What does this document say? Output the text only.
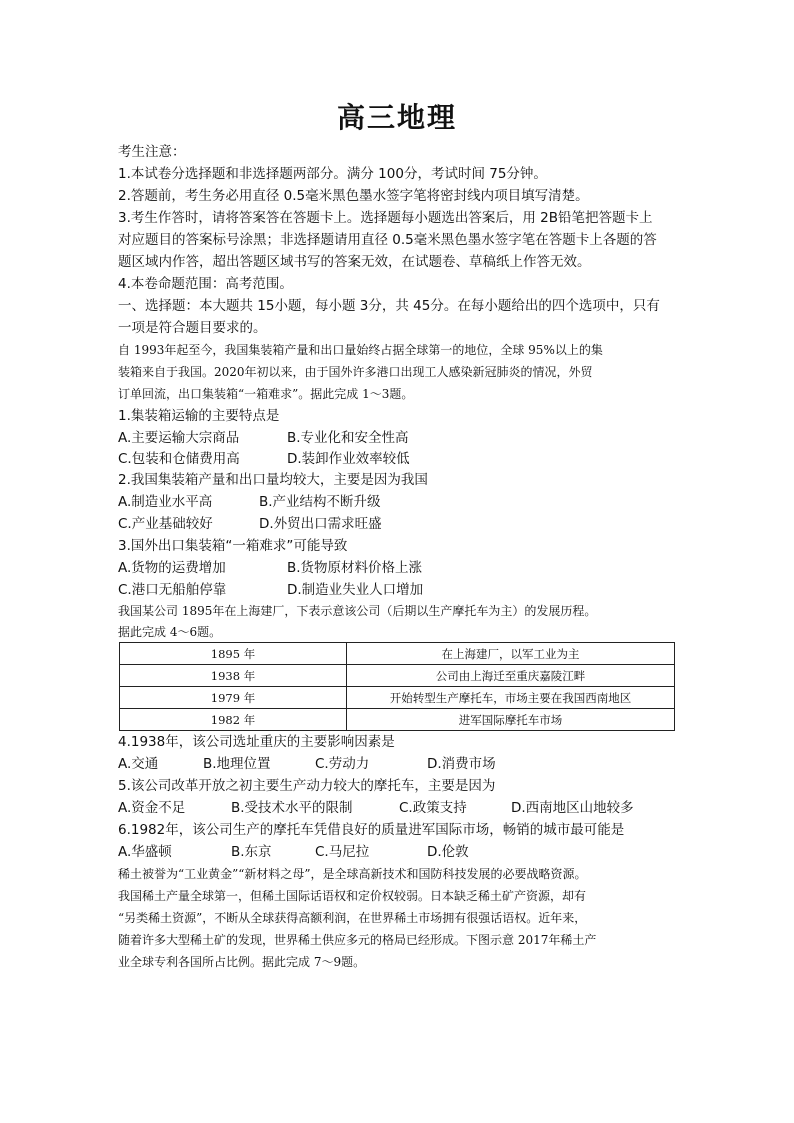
高三地理
考生注意：
1.本试卷分选择题和非选择题两部分。满分 100分，考试时间 75分钟。
2.答题前，考生务必用直径 0.5毫米黑色墨水签字笔将密封线内项目填写清楚。
3.考生作答时，请将答案答在答题卡上。选择题每小题选出答案后，用 2B铅笔把答题卡上
对应题目的答案标号涂黑；非选择题请用直径 0.5毫米黑色墨水签字笔在答题卡上各题的答
题区域内作答，超出答题区域书写的答案无效，在试题卷、草稿纸上作答无效。
4.本卷命题范围：高考范围。
一、选择题：本大题共 15小题，每小题 3分，共 45分。在每小题给出的四个选项中，只有
一项是符合题目要求的。
自 1993年起至今，我国集装箱产量和出口量始终占据全球第一的地位，全球 95%以上的集
装箱来自于我国。2020年初以来，由于国外许多港口出现工人感染新冠肺炎的情况，外贸
订单回流，出口集装箱“一箱难求”。据此完成 1～3题。
1.集装箱运输的主要特点是
A.主要运输大宗商品	B.专业化和安全性高
C.包装和仓储费用高	D.装卸作业效率较低
2.我国集装箱产量和出口量均较大，主要是因为我国
A.制造业水平高	B.产业结构不断升级
C.产业基础较好	D.外贸出口需求旺盛
3.国外出口集装箱“一箱难求”可能导致
A.货物的运费增加	B.货物原材料价格上涨
C.港口无船舶停靠	D.制造业失业人口增加
我国某公司 1895年在上海建厂，下表示意该公司（后期以生产摩托车为主）的发展历程。
据此完成 4～6题。
1895 年	在上海建厂，以军工业为主
1938 年	公司由上海迁至重庆嘉陵江畔
1979 年	开始转型生产摩托车，市场主要在我国西南地区
1982 年	进军国际摩托车市场
4.1938年，该公司选址重庆的主要影响因素是
A.交通	B.地理位置	C.劳动力	D.消费市场
5.该公司改革开放之初主要生产动力较大的摩托车，主要是因为
A.资金不足	B.受技术水平的限制	C.政策支持	D.西南地区山地较多
6.1982年，该公司生产的摩托车凭借良好的质量进军国际市场，畅销的城市最可能是
A.华盛顿	B.东京	C.马尼拉	D.伦敦
稀土被誉为“工业黄金”“新材料之母”，是全球高新技术和国防科技发展的必要战略资源。
我国稀土产量全球第一，但稀土国际话语权和定价权较弱。日本缺乏稀土矿产资源，却有
“另类稀土资源”，不断从全球获得高额利润，在世界稀土市场拥有很强话语权。近年来，
随着许多大型稀土矿的发现，世界稀土供应多元的格局已经形成。下图示意 2017年稀土产
业全球专利各国所占比例。据此完成 7～9题。
